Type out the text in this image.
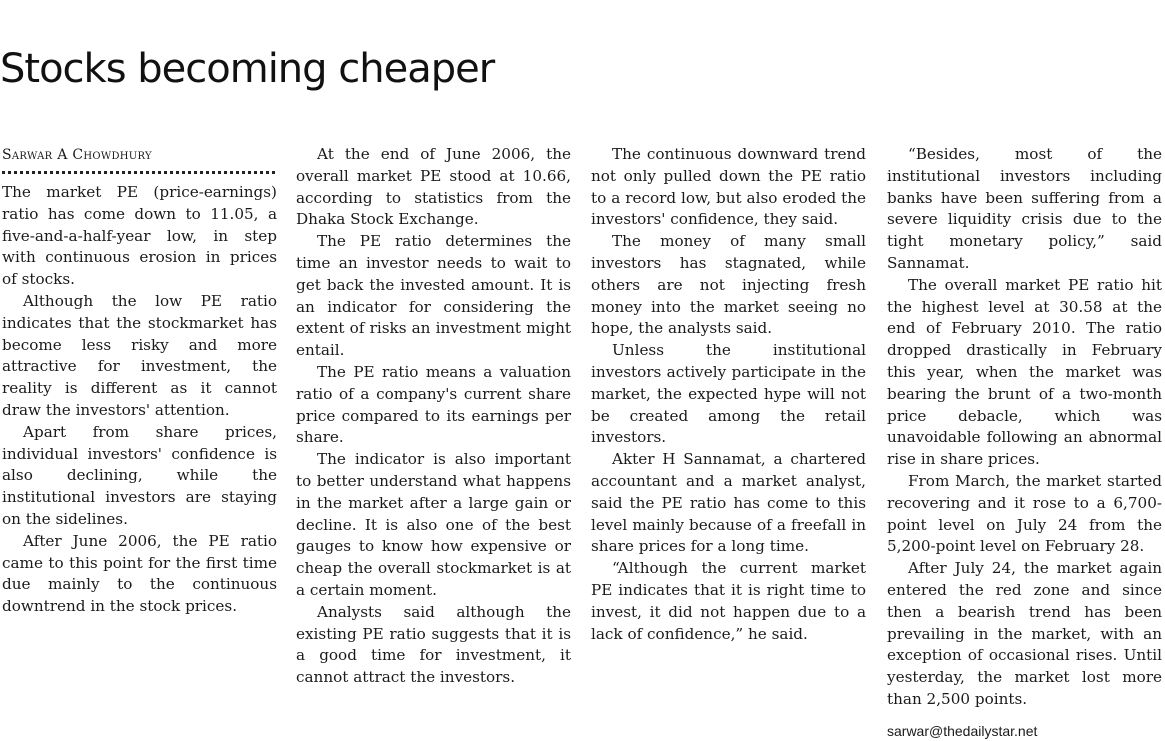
Stocks becoming cheaper
Sarwar A Chowdhury

The market PE (price-earnings) ratio has come down to 11.05, a five-and-a-half-year low, in step with continuous erosion in prices of stocks.

Although the low PE ratio indicates that the stockmarket has become less risky and more attractive for investment, the reality is different as it cannot draw the investors' attention.

Apart from share prices, individual investors' confidence is also declining, while the institutional investors are staying on the sidelines.

After June 2006, the PE ratio came to this point for the first time due mainly to the continuous downtrend in the stock prices.

At the end of June 2006, the overall market PE stood at 10.66, according to statistics from the Dhaka Stock Exchange.

The PE ratio determines the time an investor needs to wait to get back the invested amount. It is an indicator for considering the extent of risks an investment might entail.

The PE ratio means a valuation ratio of a company's current share price compared to its earnings per share.

The indicator is also important to better understand what happens in the market after a large gain or decline. It is also one of the best gauges to know how expensive or cheap the overall stockmarket is at a certain moment.

Analysts said although the existing PE ratio suggests that it is a good time for investment, it cannot attract the investors.

The continuous downward trend not only pulled down the PE ratio to a record low, but also eroded the investors' confidence, they said.

The money of many small investors has stagnated, while others are not injecting fresh money into the market seeing no hope, the analysts said.

Unless the institutional investors actively participate in the market, the expected hype will not be created among the retail investors.

Akter H Sannamat, a chartered accountant and a market analyst, said the PE ratio has come to this level mainly because of a freefall in share prices for a long time.

“Although the current market PE indicates that it is right time to invest, it did not happen due to a lack of confidence,” he said.

“Besides, most of the institutional investors including banks have been suffering from a severe liquidity crisis due to the tight monetary policy,” said Sannamat.

The overall market PE ratio hit the highest level at 30.58 at the end of February 2010. The ratio dropped drastically in February this year, when the market was bearing the brunt of a two-month price debacle, which was unavoidable following an abnormal rise in share prices.

From March, the market started recovering and it rose to a 6,700-point level on July 24 from the 5,200-point level on February 28.

After July 24, the market again entered the red zone and since then a bearish trend has been prevailing in the market, with an exception of occasional rises. Until yesterday, the market lost more than 2,500 points.

sarwar@thedailystar.net
